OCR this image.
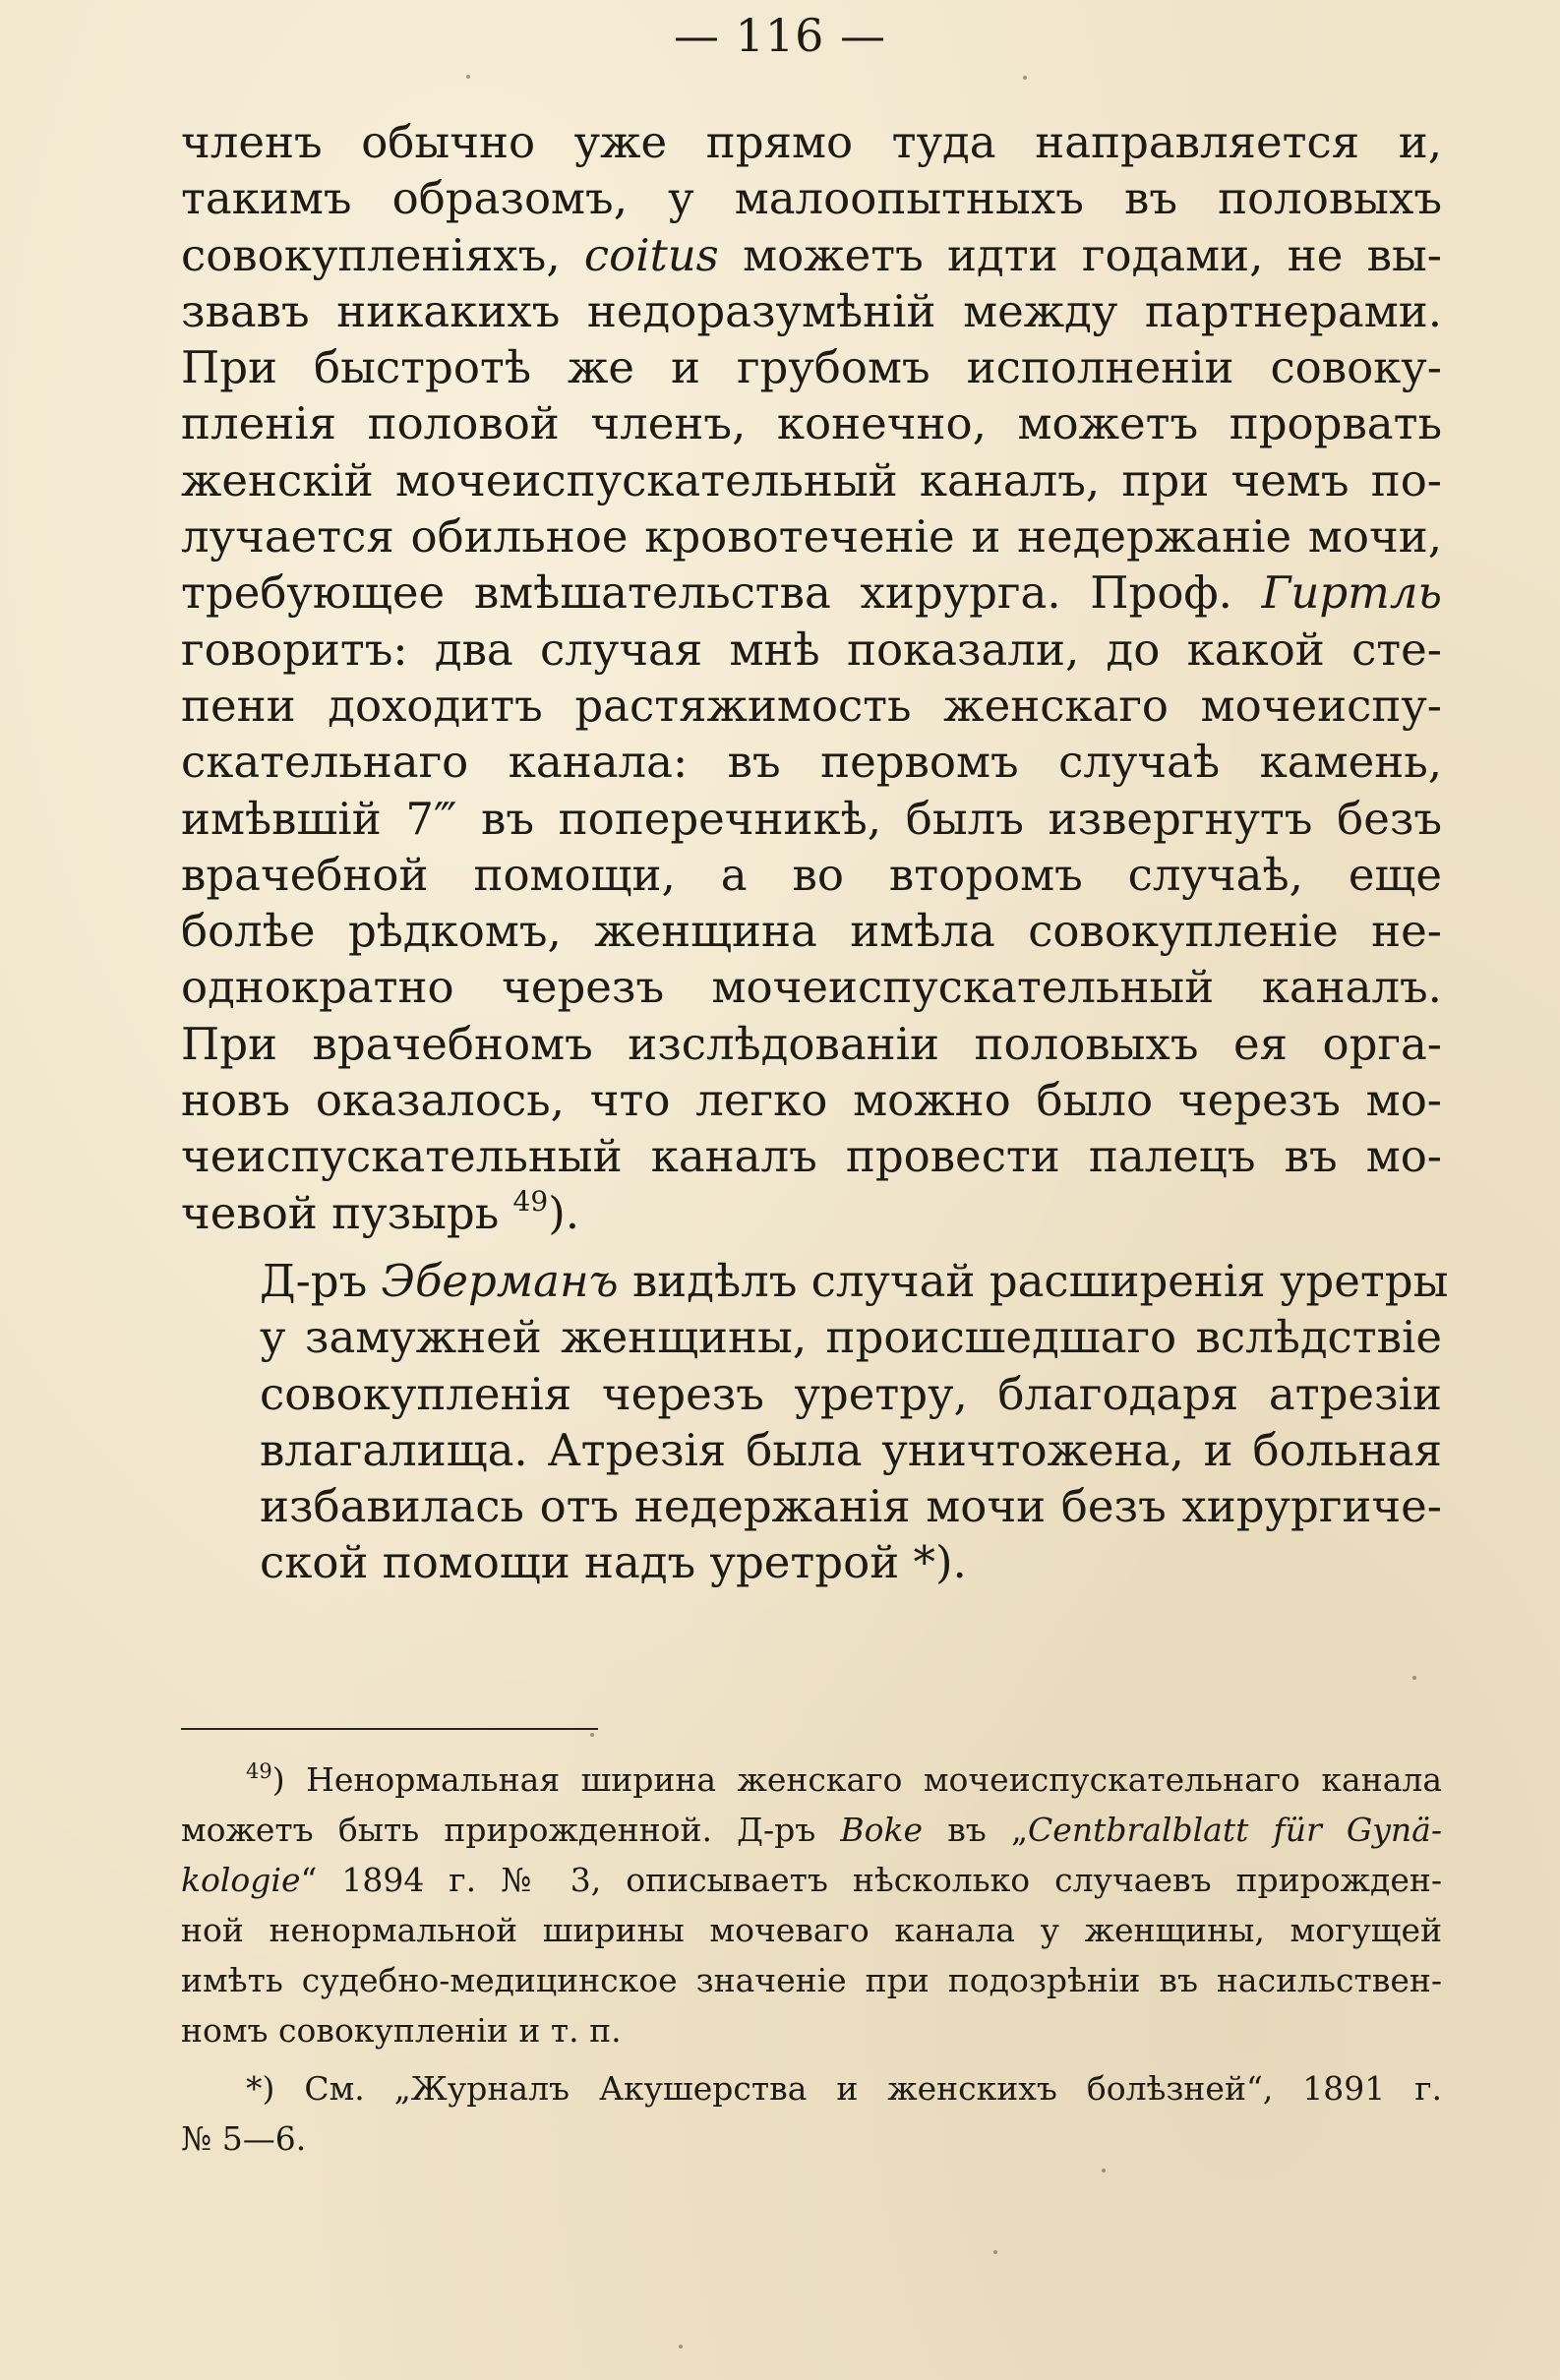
— 116 —
членъ обычно уже прямо туда направляется и,
такимъ образомъ, у малоопытныхъ въ половыхъ
совокупленіяхъ, coitus можетъ идти годами, не вы-
звавъ никакихъ недоразумѣній между партнерами.
При быстротѣ же и грубомъ исполненіи совоку-
пленія половой членъ, конечно, можетъ прорвать
женскій мочеиспускательный каналъ, при чемъ по-
лучается обильное кровотеченіе и недержаніе мочи,
требующее вмѣшательства хирурга. Проф. Гиртль
говоритъ: два случая мнѣ показали, до какой сте-
пени доходитъ растяжимость женскаго мочеиспу-
скательнаго канала: въ первомъ случаѣ камень,
имѣвшій 7‴ въ поперечникѣ, былъ извергнутъ безъ
врачебной помощи, а во второмъ случаѣ, еще
болѣе рѣдкомъ, женщина имѣла совокупленіе не-
однократно черезъ мочеиспускательный каналъ.
При врачебномъ изслѣдованіи половыхъ ея орга-
новъ оказалось, что легко можно было черезъ мо-
чеиспускательный каналъ провести палецъ въ мо-
чевой пузырь $^{49}$).
Д-ръ Эберманъ видѣлъ случай расширенія уретры
у замужней женщины, происшедшаго вслѣдствіе
совокупленія черезъ уретру, благодаря атрезіи
влагалища. Атрезія была уничтожена, и больная
избавилась отъ недержанія мочи безъ хирургиче-
ской помощи надъ уретрой *).
$^{49}$) Ненормальная ширина женскаго мочеиспускательнаго канала
можетъ быть прирожденной. Д-ръ Boke въ „Centbralblatt für Gynä-
kologie“ 1894 г. № 3, описываетъ нѣсколько случаевъ прирожден-
ной ненормальной ширины мочеваго канала у женщины, могущей
имѣть судебно-медицинское значеніе при подозрѣніи въ насильствен-
номъ совокупленіи и т. п.
*) См. „Журналъ Акушерства и женскихъ болѣзней“, 1891 г.
№ 5—6.
